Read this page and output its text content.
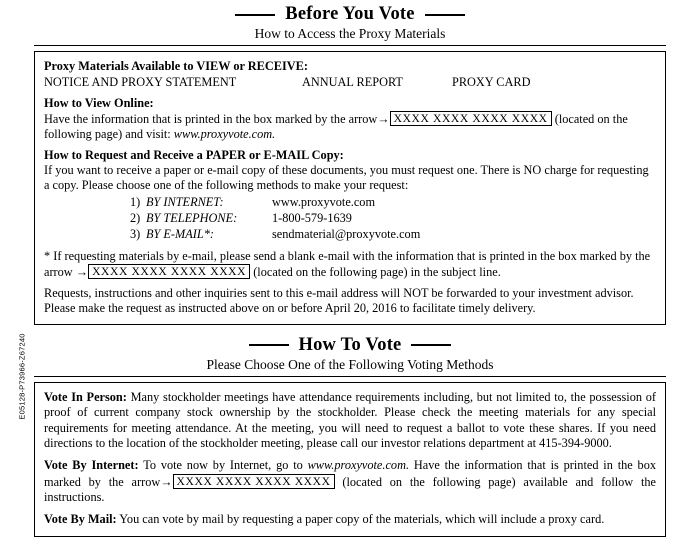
E05128-P73966-Z67240
Before You Vote
How to Access the Proxy Materials

Proxy Materials Available to VIEW or RECEIVE:

NOTICE AND PROXY STATEMENT	ANNUAL REPORT	PROXY CARD

How to View Online:

Have the information that is printed in the box marked by the arrow→ XXXX XXXX XXXX XXXX (located on the following page) and visit: www.proxyvote.com.

How to Request and Receive a PAPER or E-MAIL Copy:

If you want to receive a paper or e-mail copy of these documents, you must request one. There is NO charge for requesting a copy. Please choose one of the following methods to make your request:

1) BY INTERNET:	www.proxyvote.com
2) BY TELEPHONE:	1-800-579-1639
3) BY E-MAIL*:	sendmaterial@proxyvote.com

* If requesting materials by e-mail, please send a blank e-mail with the information that is printed in the box marked by the arrow → XXXX XXXX XXXX XXXX (located on the following page) in the subject line.

Requests, instructions and other inquiries sent to this e-mail address will NOT be forwarded to your investment advisor. Please make the request as instructed above on or before April 20, 2016 to facilitate timely delivery.

How To Vote
Please Choose One of the Following Voting Methods

Vote In Person: Many stockholder meetings have attendance requirements including, but not limited to, the possession of proof of current company stock ownership by the stockholder. Please check the meeting materials for any special requirements for meeting attendance. At the meeting, you will need to request a ballot to vote these shares. If you need directions to the location of the stockholder meeting, please call our investor relations department at 415-394-9000.

Vote By Internet: To vote now by Internet, go to www.proxyvote.com. Have the information that is printed in the box marked by the arrow→ XXXX XXXX XXXX XXXX (located on the following page) available and follow the instructions.

Vote By Mail: You can vote by mail by requesting a paper copy of the materials, which will include a proxy card.
